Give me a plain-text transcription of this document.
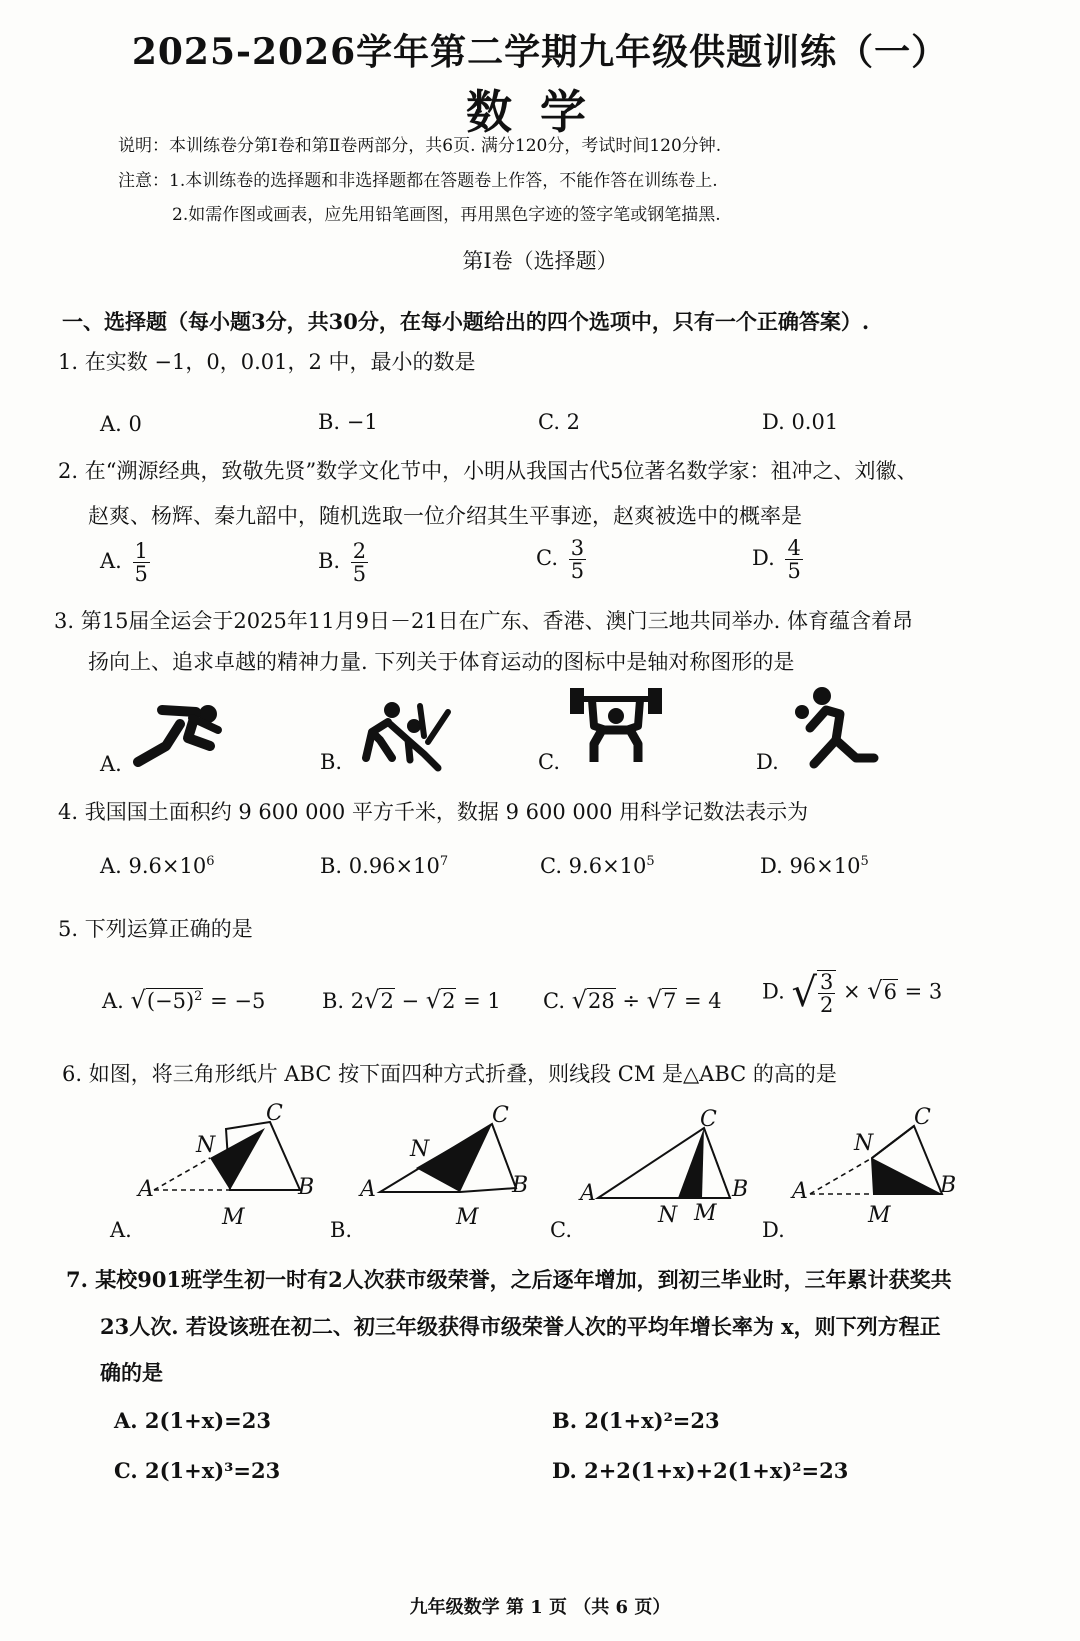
2025-2026学年第二学期九年级供题训练（一）
数学
说明：本训练卷分第Ⅰ卷和第Ⅱ卷两部分，共6页. 满分120分，考试时间120分钟.
注意：1.本训练卷的选择题和非选择题都在答题卷上作答，不能作答在训练卷上.
2.如需作图或画表，应先用铅笔画图，再用黑色字迹的签字笔或钢笔描黑.
第Ⅰ卷（选择题）
一、选择题（每小题3分，共30分，在每小题给出的四个选项中，只有一个正确答案）.
1. 在实数 −1，0，0.01，2 中，最小的数是
A. 0	B. −1	C. 2	D. 0.01
2. 在“溯源经典，致敬先贤”数学文化节中，小明从我国古代5位著名数学家：祖冲之、刘徽、
赵爽、杨辉、秦九韶中，随机选取一位介绍其生平事迹，赵爽被选中的概率是
A. $\frac{1}{5}$	B. $\frac{2}{5}$	C. $\frac{3}{5}$	D. $\frac{4}{5}$
3. 第15届全运会于2025年11月9日－21日在广东、香港、澳门三地共同举办. 体育蕴含着昂
扬向上、追求卓越的精神力量. 下列关于体育运动的图标中是轴对称图形的是
A.	B.	C.	D.
4. 我国国土面积约 9 600 000 平方千米，数据 9 600 000 用科学记数法表示为
A. $9.6\times 10^6$	B. $0.96\times 10^7$	C. $9.6\times 10^5$	D. $96\times 10^5$
5. 下列运算正确的是
A. $√(-5)^2 = -5$	B. 2√2 − √2 = 1 C. √28 ÷ √7 = 4 D. √ $\frac{3}{2} \times √6 = 3$
6. 如图，将三角形纸片 ABC 按下面四种方式折叠，则线段 CM 是△ABC 的高的是
A
C
B
M
N
A
C
B
M
N
A
C
B
N M
A
C
B
M
N
A.	B.	C.	D.
7. 某校901班学生初一时有2人次获市级荣誉，之后逐年增加，到初三毕业时，三年累计获奖共
23人次. 若设该班在初二、初三年级获得市级荣誉人次的平均年增长率为 x，则下列方程正
确的是
A. 2(1+x)=23	B. 2(1+x)²=23
C. 2(1+x)³=23	D. 2+2(1+x)+2(1+x)²=23
九年级数学 第 1 页 （共 6 页）
